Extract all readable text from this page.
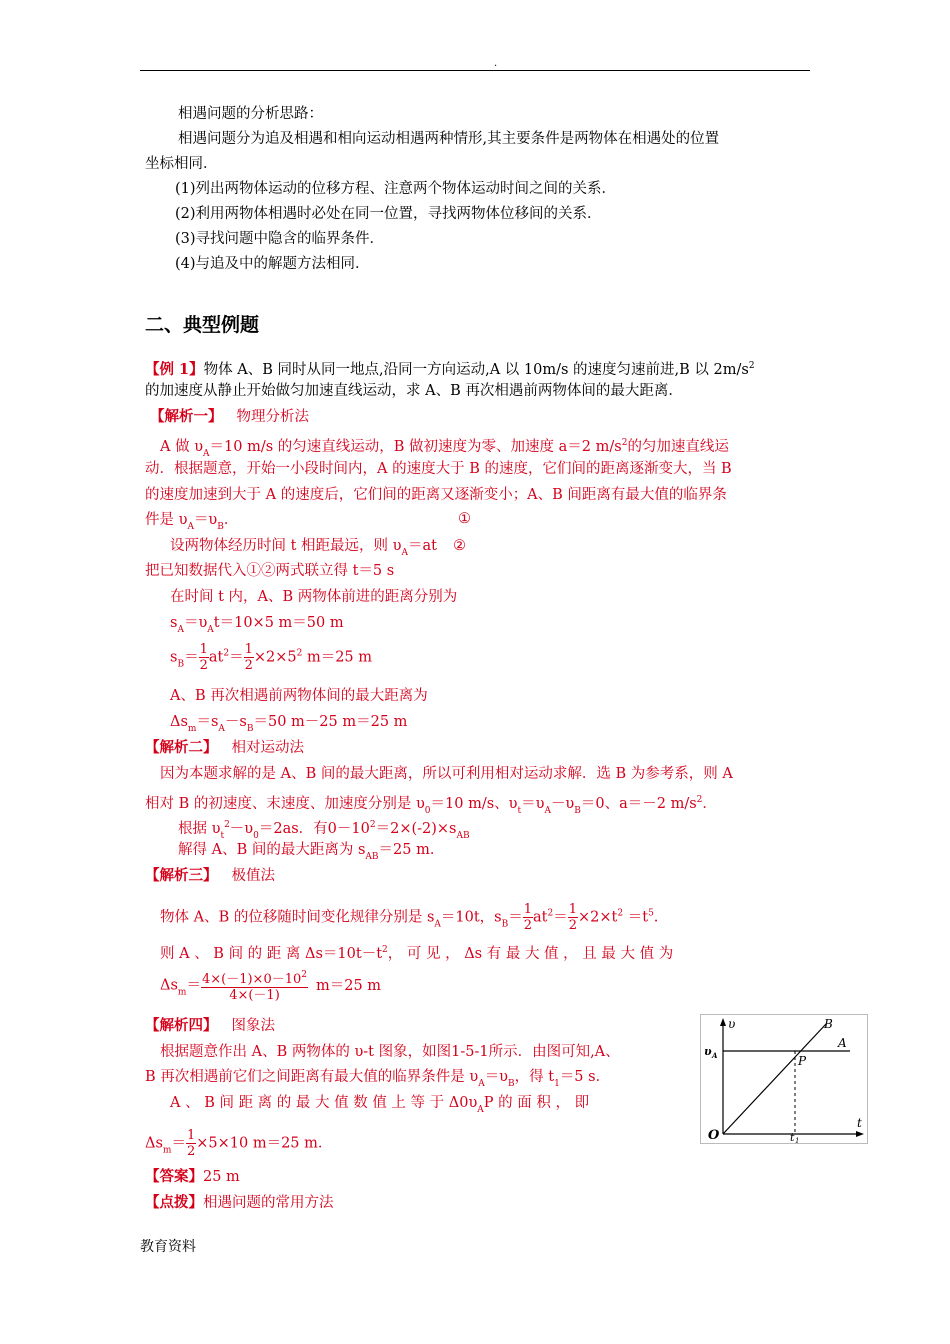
.
相遇问题的分析思路：
相遇问题分为追及相遇和相向运动相遇两种情形,其主要条件是两物体在相遇处的位置
坐标相同．
(1)列出两物体运动的位移方程、注意两个物体运动时间之间的关系．
(2)利用两物体相遇时必处在同一位置，寻找两物体位移间的关系．
(3)寻找问题中隐含的临界条件．
(4)与追及中的解题方法相同．
二、典型例题
【例 1】物体 A、B 同时从同一地点,沿同一方向运动,A 以 10m/s 的速度匀速前进,B 以 $2m/s^2$
的加速度从静止开始做匀加速直线运动，求 A、B 再次相遇前两物体间的最大距离．
【解析一】 物理分析法
A 做 $\upsilon_A=10$ m/s 的匀速直线运动，B 做初速度为零、加速度 a＝2 $m/s^2$的匀加速直线运
动．根据题意，开始一小段时间内，A 的速度大于 B 的速度，它们间的距离逐渐变大，当 B
的速度加速到大于 A 的速度后，它们间的距离又逐渐变小；A、B 间距离有最大值的临界条
件是 $\upsilon_A=\upsilon_B$．	①
设两物体经历时间 t 相距最远，则 $\upsilon_A=at$ ②
把已知数据代入①②两式联立得 t＝5 s
在时间 t 内，A、B 两物体前进的距离分别为
$s_A=\upsilon_At=10\times 5$ m＝50 m
$s_B= \frac{1}{2} at^2= \frac{1}{2} \times 2\times 5^2$ m＝25 m
A、B 再次相遇前两物体间的最大距离为
$\Delta s_m=s_A-s_B=50$ m－25 m＝25 m
【解析二】 相对运动法
因为本题求解的是 A、B 间的最大距离，所以可利用相对运动求解．选 B 为参考系，则 A
相对 B 的初速度、末速度、加速度分别是 $\upsilon_0=10$ m/s、$\upsilon_t=\upsilon_A-\upsilon_B=0$、a＝－2 $m/s^2$．
根据 $\upsilon_t^2-\upsilon_0=2as$．有$0-10^2=2\times(-2)\times s_{AB}$
解得 A、B 间的最大距离为 $s_{AB}=25$ m．
【解析三】 极值法
物体 A、B 的位移随时间变化规律分别是 $s_A=10t$，$s_B= \frac{1}{2} at^2= \frac{1}{2} \times 2\times t^2 =t^5$.
则 A 、 B 间 的 距 离 $\Delta s=10t-t^2$， 可 见 ， Δs 有 最 大 值 ， 且 最 大 值 为
$\Delta s_m= \frac{4\times(-1)\times 0-10^2}{4\times(-1)} m=25$ m
【解析四】 图象法
根据题意作出 A、B 两物体的 υ-t 图象，如图1-5-1所示．由图可知,A、
B 再次相遇前它们之间距离有最大值的临界条件是 $\upsilon_A=\upsilon_B$，得 $t_1=5$ s．
A 、 B 间 距 离 的 最 大 值 数 值 上 等 于 $\Delta 0\upsilon_AP$ 的 面 积 ， 即
$\Delta s_m= \frac{1}{2} \times 5\times 10$ m＝25 m．
【答案】25 m
【点拨】相遇问题的常用方法
υ
t
O
υ A
A
B
P
t 1
教育资料
